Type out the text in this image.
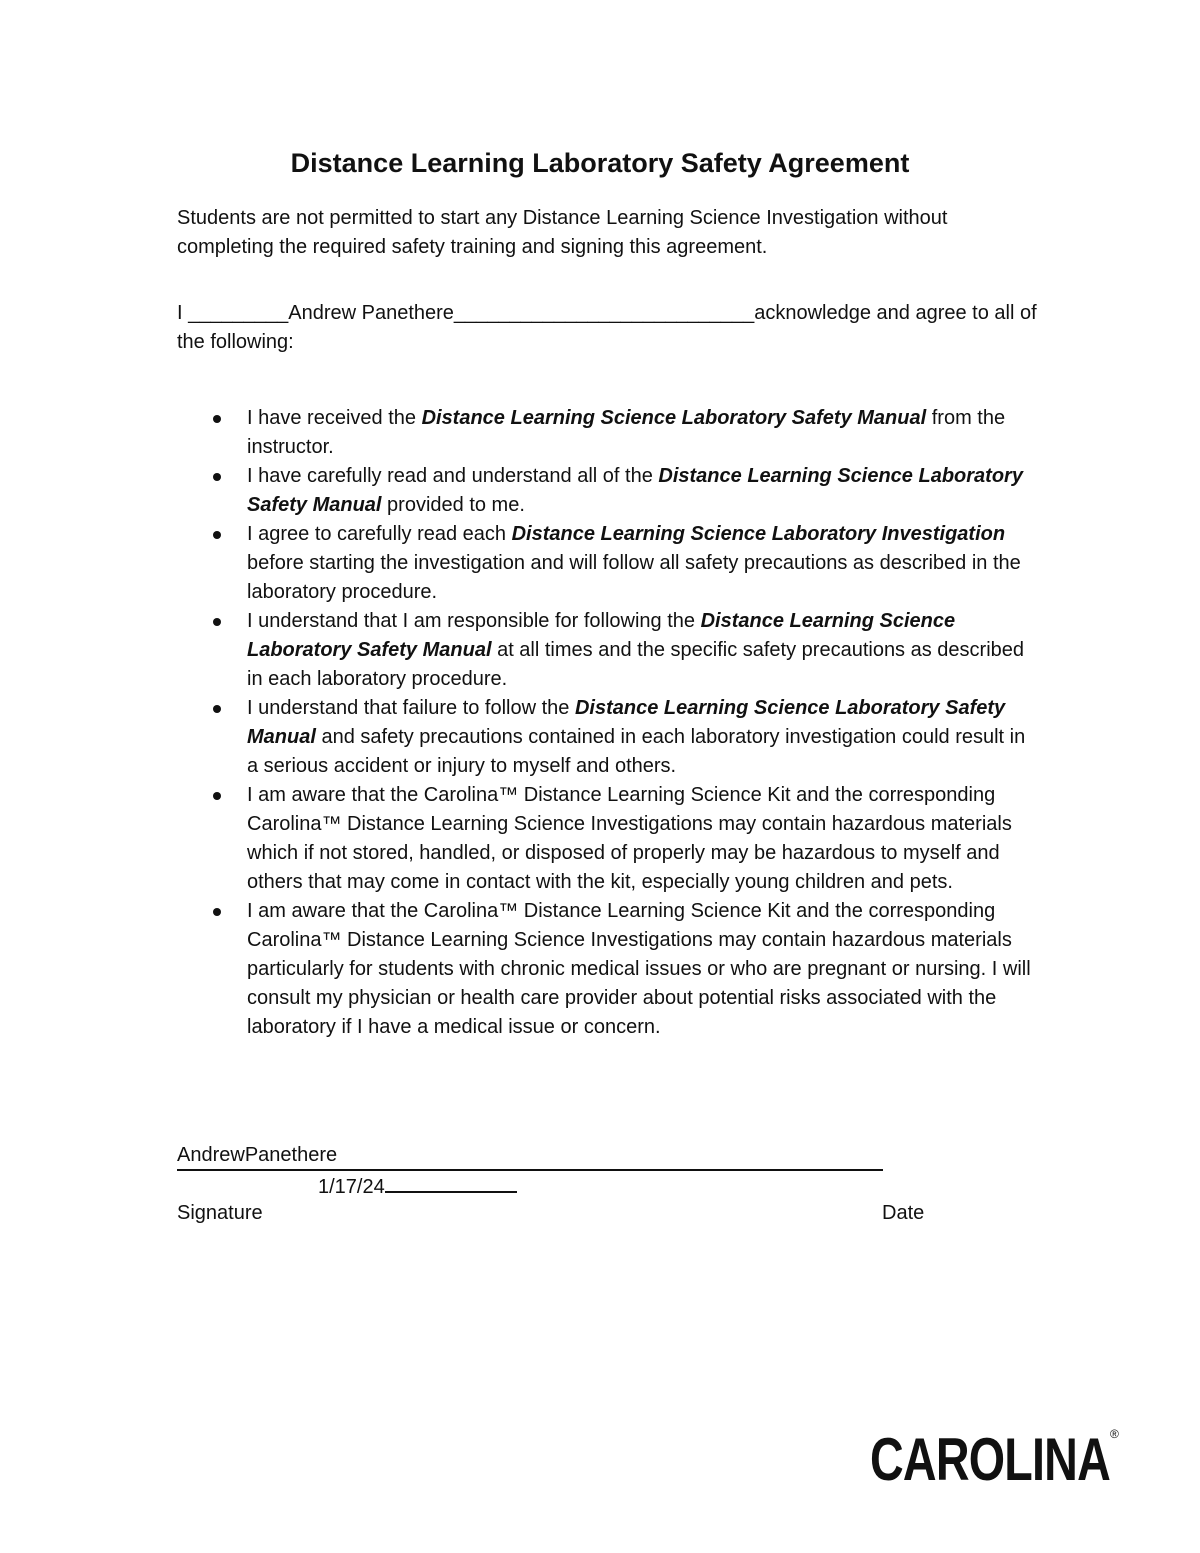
Distance Learning Laboratory Safety Agreement

Students are not permitted to start any Distance Learning Science Investigation without completing the required safety training and signing this agreement.

I _________Andrew Panethere___________________________acknowledge and agree to all of the following:

I have received the Distance Learning Science Laboratory Safety Manual from the instructor.
I have carefully read and understand all of the Distance Learning Science Laboratory Safety Manual provided to me.
I agree to carefully read each Distance Learning Science Laboratory Investigation before starting the investigation and will follow all safety precautions as described in the laboratory procedure.
I understand that I am responsible for following the Distance Learning Science Laboratory Safety Manual at all times and the specific safety precautions as described in each laboratory procedure.
I understand that failure to follow the Distance Learning Science Laboratory Safety Manual and safety precautions contained in each laboratory investigation could result in a serious accident or injury to myself and others.
I am aware that the Carolina™ Distance Learning Science Kit and the corresponding Carolina™ Distance Learning Science Investigations may contain hazardous materials which if not stored, handled, or disposed of properly may be hazardous to myself and others that may come in contact with the kit, especially young children and pets.
I am aware that the Carolina™ Distance Learning Science Kit and the corresponding Carolina™ Distance Learning Science Investigations may contain hazardous materials particularly for students with chronic medical issues or who are pregnant or nursing. I will consult my physician or health care provider about potential risks associated with the laboratory if I have a medical issue or concern.

AndrewPanethere

1/17/24

Signature	Date

CAROLINA ®
